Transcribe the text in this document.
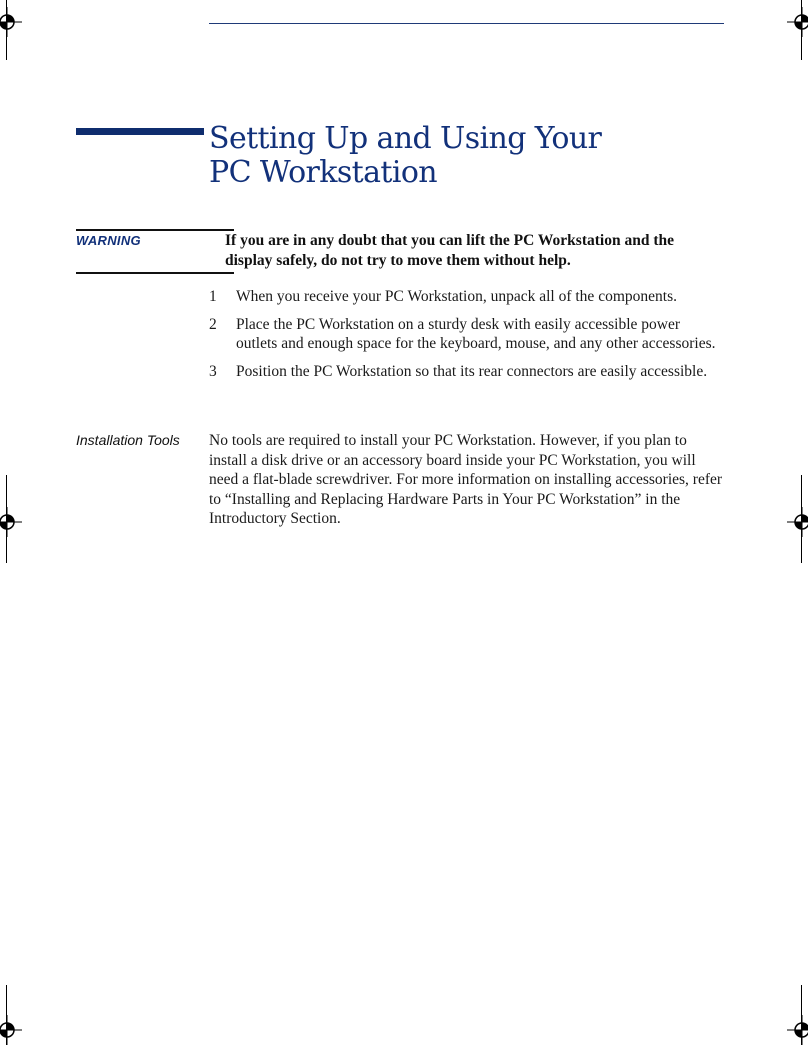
Setting Up and Using Your
PC Workstation
WARNING	If you are in any doubt that you can lift the PC Workstation and the display safely, do not try to move them without help.

1 When you receive your PC Workstation, unpack all of the components.
2 Place the PC Workstation on a sturdy desk with easily accessible power outlets and enough space for the keyboard, mouse, and any other accessories.
3 Position the PC Workstation so that its rear connectors are easily accessible.
Installation Tools No tools are required to install your PC Workstation. However, if you plan to install a disk drive or an accessory board inside your PC Workstation, you will need a flat-blade screwdriver. For more information on installing accessories, refer to “Installing and Replacing Hardware Parts in Your PC Workstation” in the Introductory Section.
